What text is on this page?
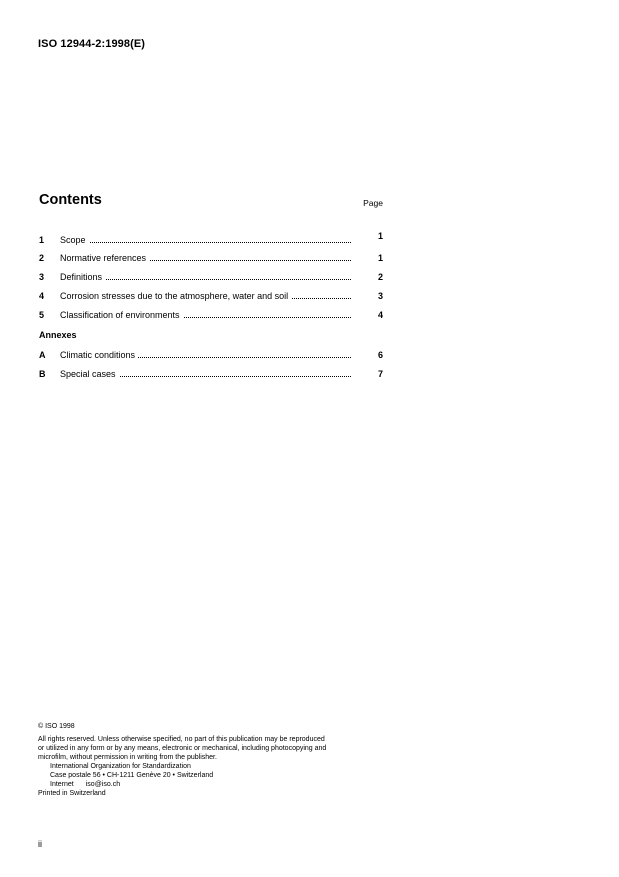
ISO 12944-2:1998(E)
Contents	Page
1	Scope	1
2	Normative references	1
3	Definitions	2
4	Corrosion stresses due to the atmosphere, water and soil	3
5	Classification of environments	4
Annexes
A	Climatic conditions	6
B	Special cases	7
© ISO 1998
All rights reserved. Unless otherwise specified, no part of this publication may be reproduced
or utilized in any form or by any means, electronic or mechanical, including photocopying and
microfilm, without permission in writing from the publisher.
International Organization for Standardization
Case postale 56 • CH-1211 Genève 20 • Switzerland
Internet iso@iso.ch
Printed in Switzerland
ii
